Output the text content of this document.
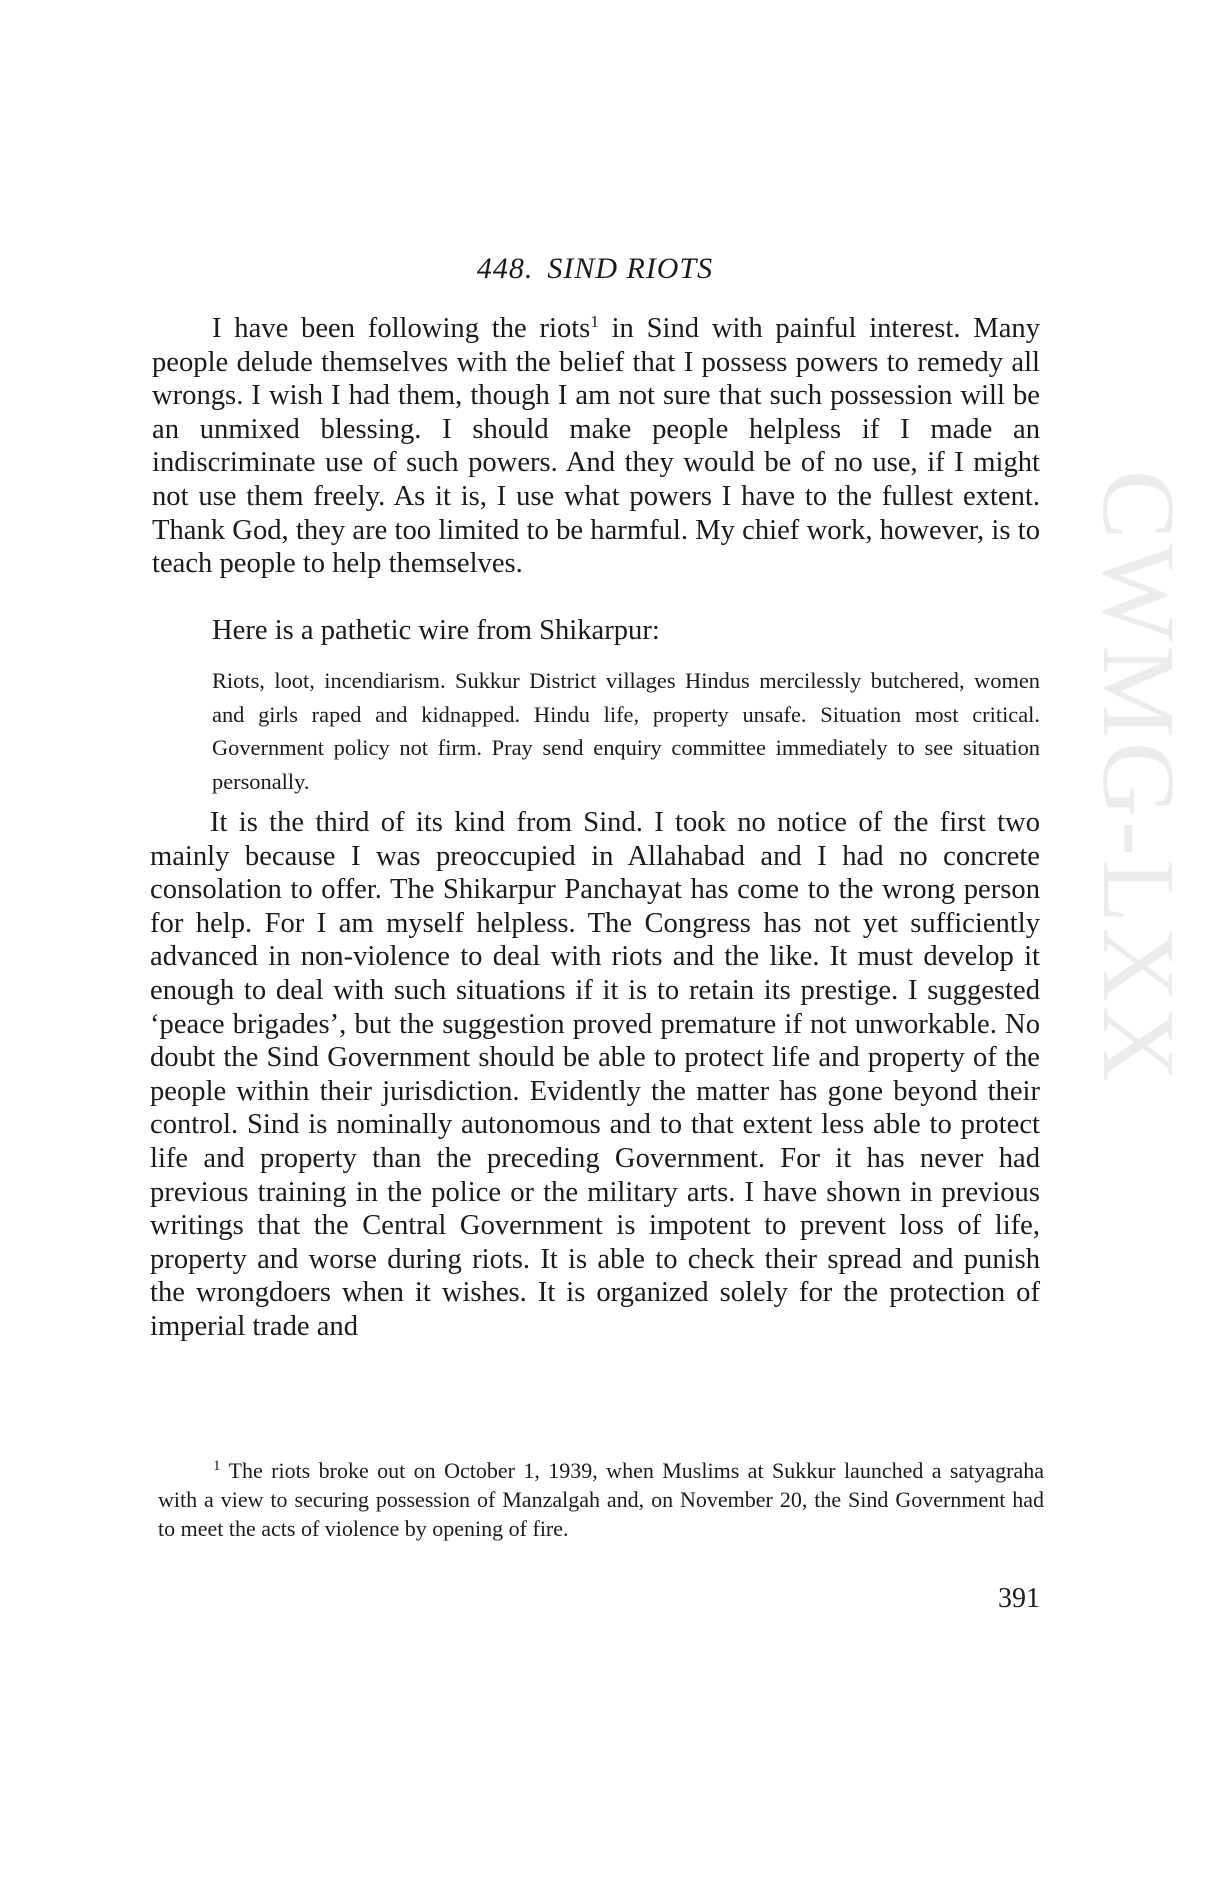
CWMG-LXX
448. SIND RIOTS

I have been following the riots$^1$ in Sind with painful interest. Many people delude themselves with the belief that I possess powers to remedy all wrongs. I wish I had them, though I am not sure that such possession will be an unmixed blessing. I should make people helpless if I made an indiscriminate use of such powers. And they would be of no use, if I might not use them freely. As it is, I use what powers I have to the fullest extent. Thank God, they are too limited to be harmful. My chief work, however, is to teach people to help themselves.

Here is a pathetic wire from Shikarpur:

Riots, loot, incendiarism. Sukkur District villages Hindus mercilessly butchered, women and girls raped and kidnapped. Hindu life, property unsafe. Situation most critical. Government policy not firm. Pray send enquiry committee immediately to see situation personally.

It is the third of its kind from Sind. I took no notice of the first two mainly because I was preoccupied in Allahabad and I had no concrete consolation to offer. The Shikarpur Panchayat has come to the wrong person for help. For I am myself helpless. The Congress has not yet sufficiently advanced in non-violence to deal with riots and the like. It must develop it enough to deal with such situations if it is to retain its prestige. I suggested ‘peace brigades’, but the suggestion proved premature if not unworkable. No doubt the Sind Government should be able to protect life and property of the people within their jurisdiction. Evidently the matter has gone beyond their control. Sind is nominally autonomous and to that extent less able to protect life and property than the preceding Government. For it has never had previous training in the police or the military arts. I have shown in previous writings that the Central Government is impotent to prevent loss of life, property and worse during riots. It is able to check their spread and punish the wrongdoers when it wishes. It is organized solely for the protection of imperial trade and

$^1$ The riots broke out on October 1, 1939, when Muslims at Sukkur launched a satyagraha with a view to securing possession of Manzalgah and, on November 20, the Sind Government had to meet the acts of violence by opening of fire.

391
